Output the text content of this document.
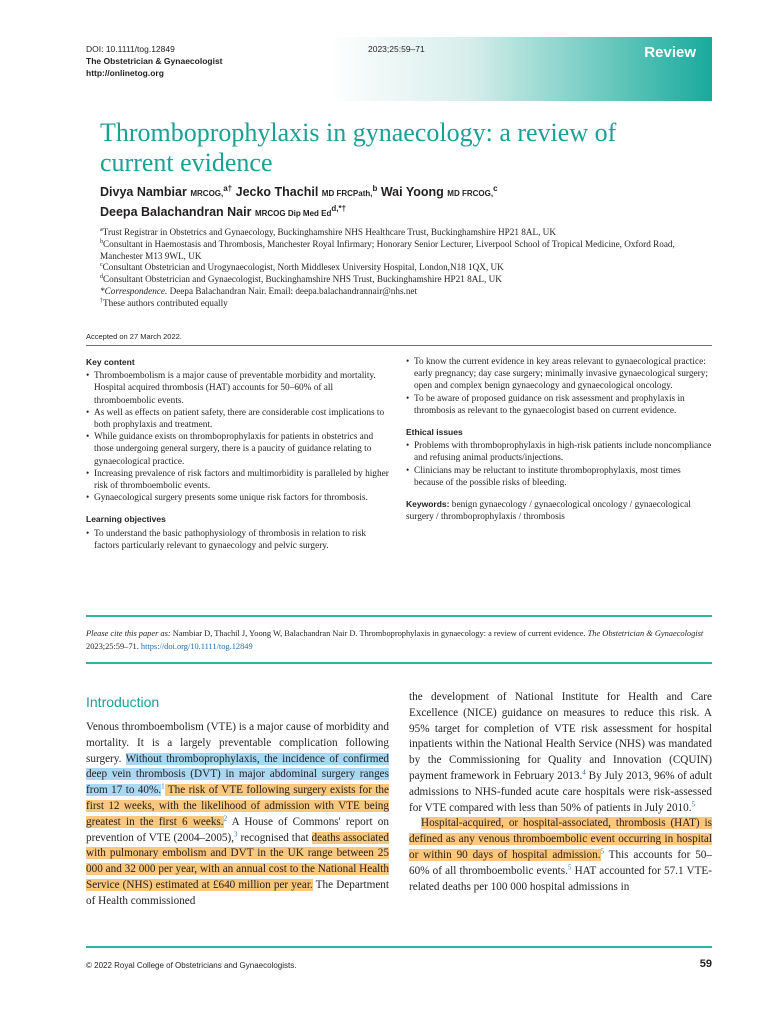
DOI: 10.1111/tog.12849
The Obstetrician & Gynaecologist
http://onlinetog.org
2023;25:59–71	Review
Thromboprophylaxis in gynaecology: a review of
current evidence
Divya Nambiar MRCOG,$^{a\dagger}$ Jecko Thachil MD FRCPath,$^b$ Wai Yoong MD FRCOG,$^c$
Deepa Balachandran Nair MRCOG Dip Med $Ed^{d,*\dagger}$
$^a$Trust Registrar in Obstetrics and Gynaecology, Buckinghamshire NHS Healthcare Trust, Buckinghamshire HP21 8AL, UK
$^b$Consultant in Haemostasis and Thrombosis, Manchester Royal Infirmary; Honorary Senior Lecturer, Liverpool School of Tropical Medicine, Oxford Road, Manchester M13 9WL, UK
$^c$Consultant Obstetrician and Urogynaecologist, North Middlesex University Hospital, London,N18 1QX, UK
$^d$Consultant Obstetrician and Gynaecologist, Buckinghamshire NHS Trust, Buckinghamshire HP21 8AL, UK
*Correspondence. Deepa Balachandran Nair. Email: deepa.balachandrannair@nhs.net
†These authors contributed equally
Accepted on 27 March 2022.
Key content
• Thromboembolism is a major cause of preventable morbidity and mortality. Hospital acquired thrombosis (HAT) accounts for 50–60% of all thromboembolic events.
• As well as effects on patient safety, there are considerable cost implications to both prophylaxis and treatment.
• While guidance exists on thromboprophylaxis for patients in obstetrics and those undergoing general surgery, there is a paucity of guidance relating to gynaecological practice.
• Increasing prevalence of risk factors and multimorbidity is paralleled by higher risk of thromboembolic events.
• Gynaecological surgery presents some unique risk factors for thrombosis.
Learning objectives
• To understand the basic pathophysiology of thrombosis in relation to risk factors particularly relevant to gynaecology and pelvic surgery.
• To know the current evidence in key areas relevant to gynaecological practice: early pregnancy; day case surgery; minimally invasive gynaecological surgery; open and complex benign gynaecology and gynaecological oncology.
• To be aware of proposed guidance on risk assessment and prophylaxis in thrombosis as relevant to the gynaecologist based on current evidence.
Ethical issues
• Problems with thromboprophylaxis in high-risk patients include noncompliance and refusing animal products/injections.
• Clinicians may be reluctant to institute thromboprophylaxis, most times because of the possible risks of bleeding.
Keywords: benign gynaecology / gynaecological oncology / gynaecological surgery / thromboprophylaxis / thrombosis
Please cite this paper as: Nambiar D, Thachil J, Yoong W, Balachandran Nair D. Thromboprophylaxis in gynaecology: a review of current evidence. The Obstetrician & Gynaecologist 2023;25:59–71. https://doi.org/10.1111/tog.12849
Introduction
Venous thromboembolism (VTE) is a major cause of morbidity and mortality. It is a largely preventable complication following surgery. Without thromboprophylaxis, the incidence of confirmed deep vein thrombosis (DVT) in major abdominal surgery ranges from 17 to 40%.$^1$ The risk of VTE following surgery exists for the first 12 weeks, with the likelihood of admission with VTE being greatest in the first 6 weeks.$^2$ A House of Commons' report on prevention of VTE (2004–2005),$^3$ recognised that deaths associated with pulmonary embolism and DVT in the UK range between 25 000 and 32 000 per year, with an annual cost to the National Health Service (NHS) estimated at £640 million per year. The Department of Health commissioned
the development of National Institute for Health and Care Excellence (NICE) guidance on measures to reduce this risk. A 95% target for completion of VTE risk assessment for hospital inpatients within the National Health Service (NHS) was mandated by the Commissioning for Quality and Innovation (CQUIN) payment framework in February 2013.$^4$ By July 2013, 96% of adult admissions to NHS-funded acute care hospitals were risk-assessed for VTE compared with less than 50% of patients in July 2010.$^5$
Hospital-acquired, or hospital-associated, thrombosis (HAT) is defined as any venous thromboembolic event occurring in hospital or within 90 days of hospital admission.$^5$ This accounts for 50–60% of all thromboembolic events.$^5$ HAT accounted for 57.1 VTE-related deaths per 100 000 hospital admissions in
© 2022 Royal College of Obstetricians and Gynaecologists.	59
